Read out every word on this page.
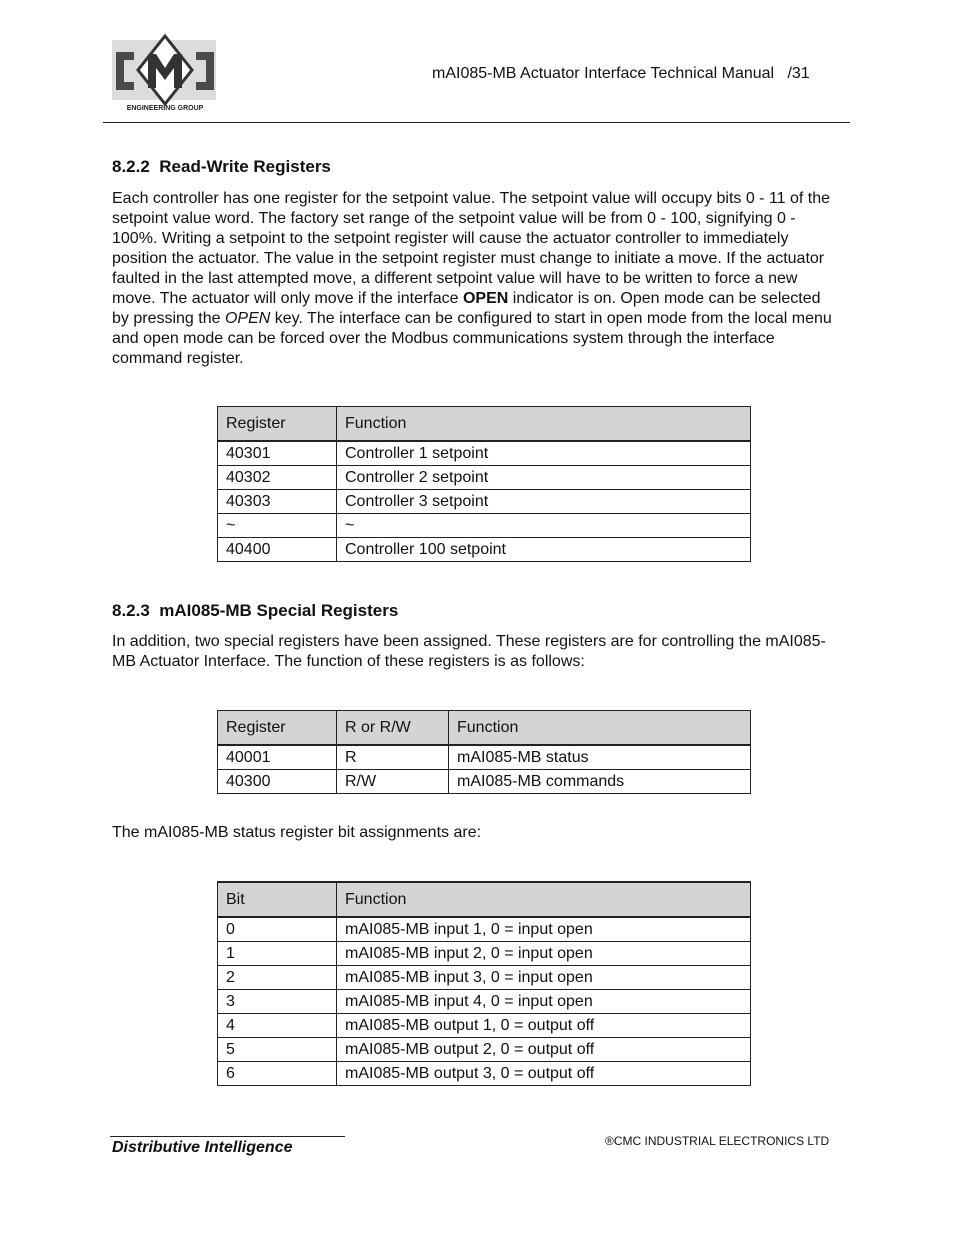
ENGINEERING GROUP
mAI085-MB Actuator Interface Technical Manual   /31
8.2.2  Read-Write Registers

Each controller has one register for the setpoint value. The setpoint value will occupy bits 0 - 11 of the setpoint value word. The factory set range of the setpoint value will be from 0 - 100, signifying 0 - 100%. Writing a setpoint to the setpoint register will cause the actuator controller to immediately position the actuator. The value in the setpoint register must change to initiate a move. If the actuator faulted in the last attempted move, a different setpoint value will have to be written to force a new move. The actuator will only move if the interface OPEN indicator is on. Open mode can be selected by pressing the OPEN key. The interface can be configured to start in open mode from the local menu and open mode can be forced over the Modbus communications system through the interface command register.

Register	Function
40301	Controller 1 setpoint
40302	Controller 2 setpoint
40303	Controller 3 setpoint
~	~
40400	Controller 100 setpoint
8.2.3  mAI085-MB Special Registers

In addition, two special registers have been assigned. These registers are for controlling the mAI085-MB Actuator Interface. The function of these registers is as follows:

Register	R or R/W	Function
40001	R	mAI085-MB status
40300	R/W	mAI085-MB commands
The mAI085-MB status register bit assignments are:
Bit	Function
0	mAI085-MB input 1, 0 = input open
1	mAI085-MB input 2, 0 = input open
2	mAI085-MB input 3, 0 = input open
3	mAI085-MB input 4, 0 = input open
4	mAI085-MB output 1, 0 = output off
5	mAI085-MB output 2, 0 = output off
6	mAI085-MB output 3, 0 = output off
Distributive Intelligence	®CMC INDUSTRIAL ELECTRONICS LTD
